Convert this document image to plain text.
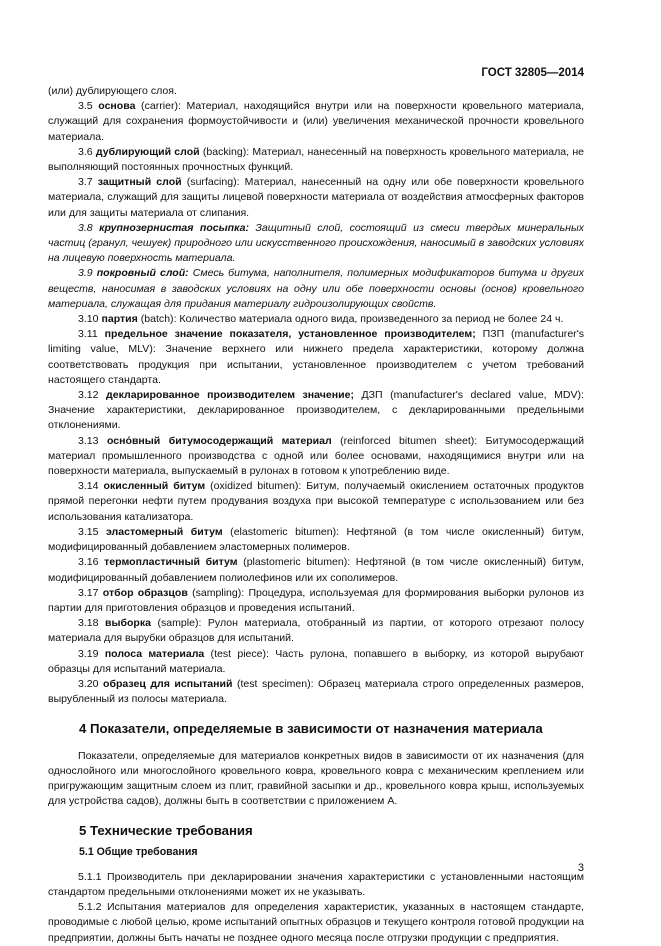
ГОСТ 32805—2014

(или) дублирующего слоя.

3.5 основа (carrier): Материал, находящийся внутри или на поверхности кровельного материала, служащий для сохранения формоустойчивости и (или) увеличения механической прочности кровельного материала.

3.6 дублирующий слой (backing): Материал, нанесенный на поверхность кровельного материала, не выполняющий постоянных прочностных функций.

3.7 защитный слой (surfacing): Материал, нанесенный на одну или обе поверхности кровельного материала, служащий для защиты лицевой поверхности материала от воздействия атмосферных факторов или для защиты материала от слипания.

3.8 крупнозернистая посыпка: Защитный слой, состоящий из смеси твердых минеральных частиц (гранул, чешуек) природного или искусственного происхождения, наносимый в заводских условиях на лицевую поверхность материала.

3.9 покровный слой: Смесь битума, наполнителя, полимерных модификаторов битума и других веществ, наносимая в заводских условиях на одну или обе поверхности основы (основ) кровельного материала, служащая для придания материалу гидроизолирующих свойств.

3.10 партия (batch): Количество материала одного вида, произведенного за период не более 24 ч.

3.11 предельное значение показателя, установленное производителем; ПЗП (manufacturer's limiting value, MLV): Значение верхнего или нижнего предела характеристики, которому должна соответствовать продукция при испытании, установленное производителем с учетом требований настоящего стандарта.

3.12 декларированное производителем значение; ДЗП (manufacturer's declared value, MDV): Значение характеристики, декларированное производителем, с декларированными предельными отклонениями.

3.13 осно́вный битумосодержащий материал (reinforced bitumen sheet): Битумосодержащий материал промышленного производства с одной или более основами, находящимися внутри или на поверхности материала, выпускаемый в рулонах в готовом к употреблению виде.

3.14 окисленный битум (oxidized bitumen): Битум, получаемый окислением остаточных продуктов прямой перегонки нефти путем продувания воздуха при высокой температуре с использованием или без использования катализатора.

3.15 эластомерный битум (elastomeric bitumen): Нефтяной (в том числе окисленный) битум, модифицированный добавлением эластомерных полимеров.

3.16 термопластичный битум (plastomeric bitumen): Нефтяной (в том числе окисленный) битум, модифицированный добавлением полиолефинов или их сополимеров.

3.17 отбор образцов (sampling): Процедура, используемая для формирования выборки рулонов из партии для приготовления образцов и проведения испытаний.

3.18 выборка (sample): Рулон материала, отобранный из партии, от которого отрезают полосу материала для вырубки образцов для испытаний.

3.19 полоса материала (test piece): Часть рулона, попавшего в выборку, из которой вырубают образцы для испытаний материала.

3.20 образец для испытаний (test specimen): Образец материала строго определенных размеров, вырубленный из полосы материала.

4 Показатели, определяемые в зависимости от назначения материала

Показатели, определяемые для материалов конкретных видов в зависимости от их назначения (для однослойного или многослойного кровельного ковра, кровельного ковра с механическим креплением или пригружающим защитным слоем из плит, гравийной засыпки и др., кровельного ковра крыш, используемых для устройства садов), должны быть в соответствии с приложением А.

5 Технические требования
5.1 Общие требования

5.1.1 Производитель при декларировании значения характеристики с установленными настоящим стандартом предельными отклонениями может их не указывать.

5.1.2 Испытания материалов для определения характеристик, указанных в настоящем стандарте, проводимые с любой целью, кроме испытаний опытных образцов и текущего контроля готовой продукции на предприятии, должны быть начаты не позднее одного месяца после отгрузки продукции с предприятия.

3
